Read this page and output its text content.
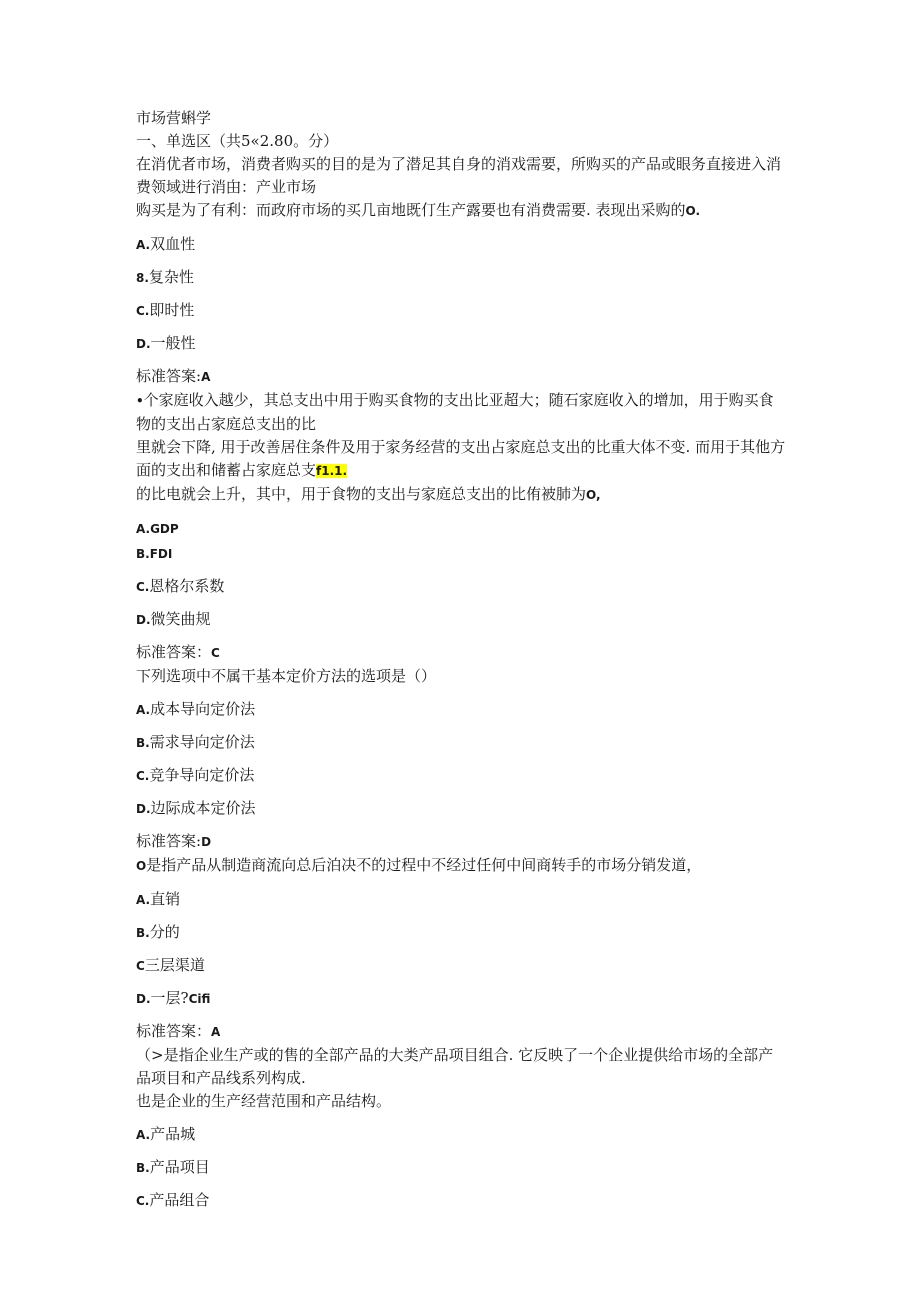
市场营蝌学
一、单选区（共5«2.80。分）
在消优者市场，消费者购买的目的是为了潜足其自身的消戏需要，所购买的产品或眼务直接进入消费领域进行消甶：产业市场
购买是为了有利：而政府市场的买几亩地既仃生产露要也有消费需要. 表现出采购的O.
A.双血性
8.复杂性
C.即时性
D.一般性
标准答案:A
•个家庭收入越少，其总支出中用于购买食物的支出比亚超大；随石家庭收入的增加，用于购买食物的支出占家庭总支出的比
里就会下降, 用于改善居住条件及用于家务经营的支出占家庭总支出的比重大体不变. 而用于其他方面的支出和储蓄占家庭总支f1.1.
的比电就会上升，其中，用于食物的支出与家庭总支出的比侑被肺为O,
A.GDP
B.FDI
C.恩格尔系数
D.微笑曲规
标准答案：C
下列选项中不属干基本定价方法的选项是（）
A.成本导向定价法
B.需求导向定价法
C.竞争导向定价法
D.边际成本定价法
标准答案:D
O是指产品从制造商流向总后泊决不的过程中不经过任何中间商转手的市场分销发道，
A.直销
B.分的
C三层渠道
D.一层?Cifi
标准答案：A
（>是指企业生产或的售的全部产品的大类产品项目组合. 它反映了一个企业提供给市场的全部产品项目和产品线系列构成.
也是企业的生产经营范围和产品结构。
A.产品城
B.产品项目
C.产品组合
